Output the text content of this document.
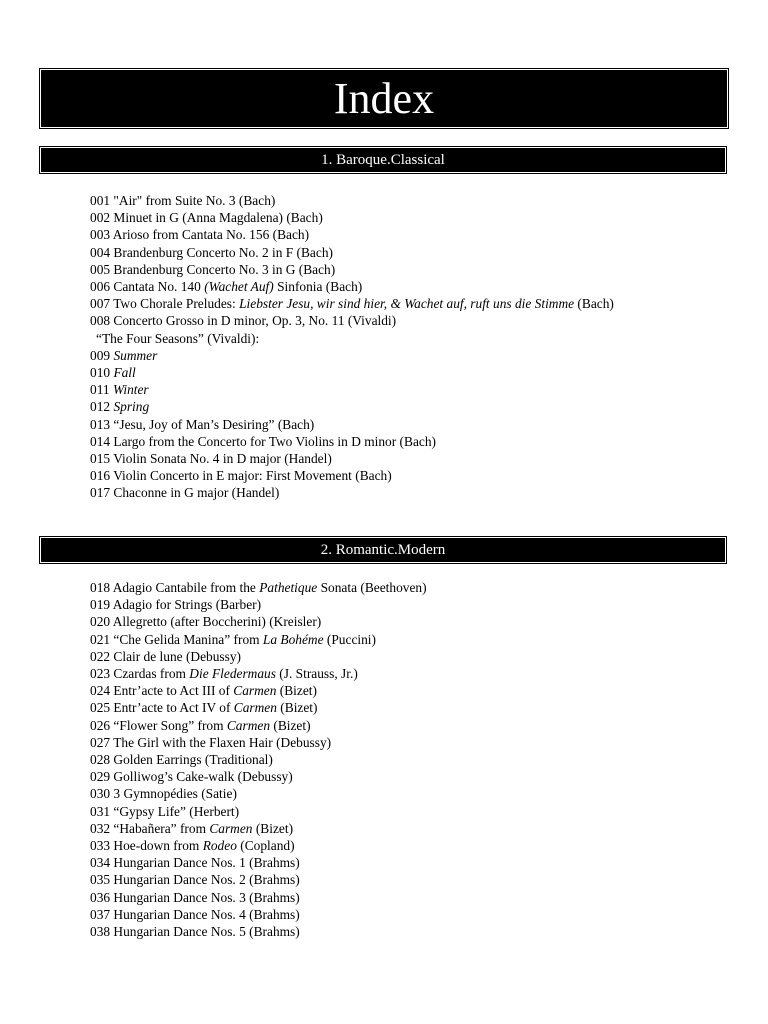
Index
1. Baroque.Classical
001 "Air" from Suite No. 3 (Bach)
002 Minuet in G (Anna Magdalena) (Bach)
003 Arioso from Cantata No. 156 (Bach)
004 Brandenburg Concerto No. 2 in F (Bach)
005 Brandenburg Concerto No. 3 in G (Bach)
006 Cantata No. 140 (Wachet Auf) Sinfonia (Bach)
007 Two Chorale Preludes: Liebster Jesu, wir sind hier, & Wachet auf, ruft uns die Stimme (Bach)
008 Concerto Grosso in D minor, Op. 3, No. 11 (Vivaldi)
“The Four Seasons” (Vivaldi):
009 Summer
010 Fall
011 Winter
012 Spring
013 “Jesu, Joy of Man’s Desiring” (Bach)
014 Largo from the Concerto for Two Violins in D minor (Bach)
015 Violin Sonata No. 4 in D major (Handel)
016 Violin Concerto in E major: First Movement (Bach)
017 Chaconne in G major (Handel)
2. Romantic.Modern
018 Adagio Cantabile from the Pathetique Sonata (Beethoven)
019 Adagio for Strings (Barber)
020 Allegretto (after Boccherini) (Kreisler)
021 “Che Gelida Manina” from La Bohéme (Puccini)
022 Clair de lune (Debussy)
023 Czardas from Die Fledermaus (J. Strauss, Jr.)
024 Entr’acte to Act III of Carmen (Bizet)
025 Entr’acte to Act IV of Carmen (Bizet)
026 “Flower Song” from Carmen (Bizet)
027 The Girl with the Flaxen Hair (Debussy)
028 Golden Earrings (Traditional)
029 Golliwog’s Cake-walk (Debussy)
030 3 Gymnopédies (Satie)
031 “Gypsy Life” (Herbert)
032 “Habañera” from Carmen (Bizet)
033 Hoe-down from Rodeo (Copland)
034 Hungarian Dance Nos. 1 (Brahms)
035 Hungarian Dance Nos. 2 (Brahms)
036 Hungarian Dance Nos. 3 (Brahms)
037 Hungarian Dance Nos. 4 (Brahms)
038 Hungarian Dance Nos. 5 (Brahms)
